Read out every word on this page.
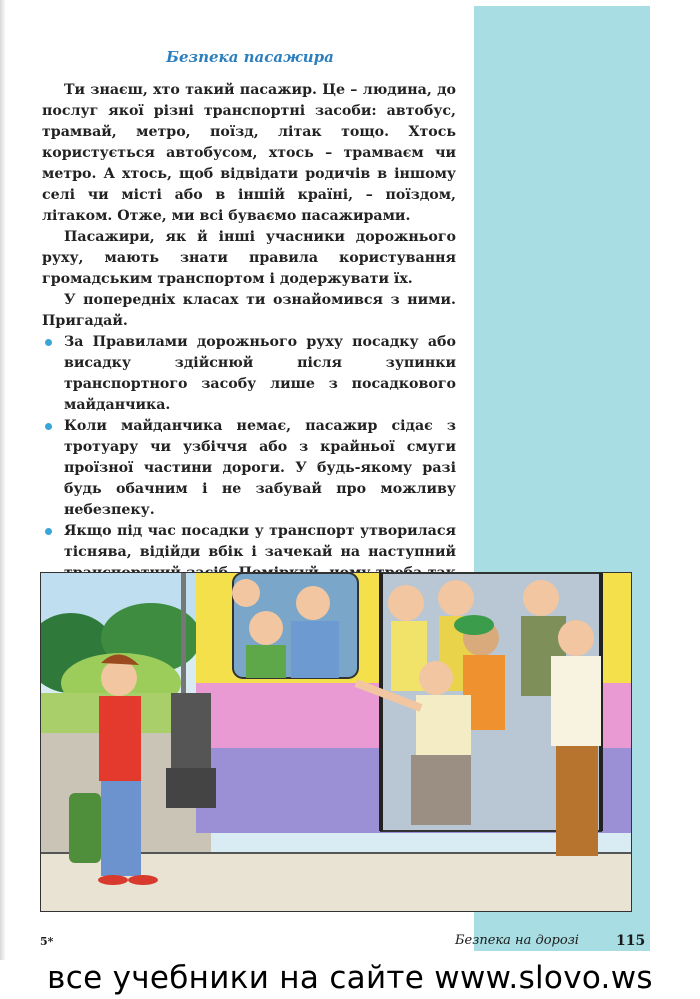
Безпека пасажира

Ти знаєш, хто такий пасажир. Це – людина, до послуг якої різні транспортні засоби: автобус, трамвай, метро, поїзд, літак тощо. Хтось користується автобусом, хтось – трамваєм чи метро. А хтось, щоб відвідати родичів в іншому селі чи місті або в іншій країні, – поїздом, літаком. Отже, ми всі буваємо пасажирами.

Пасажири, як й інші учасники дорожнього руху, мають знати правила користування громадським транспортом і додержувати їх.

У попередніх класах ти ознайомився з ними. Пригадай.

За Правилами дорожнього руху посадку або висадку здійснюй після зупинки транспортного засобу лише з посадкового майданчика.

Коли майданчика немає, пасажир сідає з тротуару чи узбіччя або з крайньої смуги проїзної частини дороги. У будь-якому разі будь обачним і не забувай про можливу небезпеку.

Якщо під час посадки у транспорт утворилася тіснява, відійди вбік і зачекай на наступний

5*	Безпека на дорозі	115
все учебники на сайте www.slovo.ws
